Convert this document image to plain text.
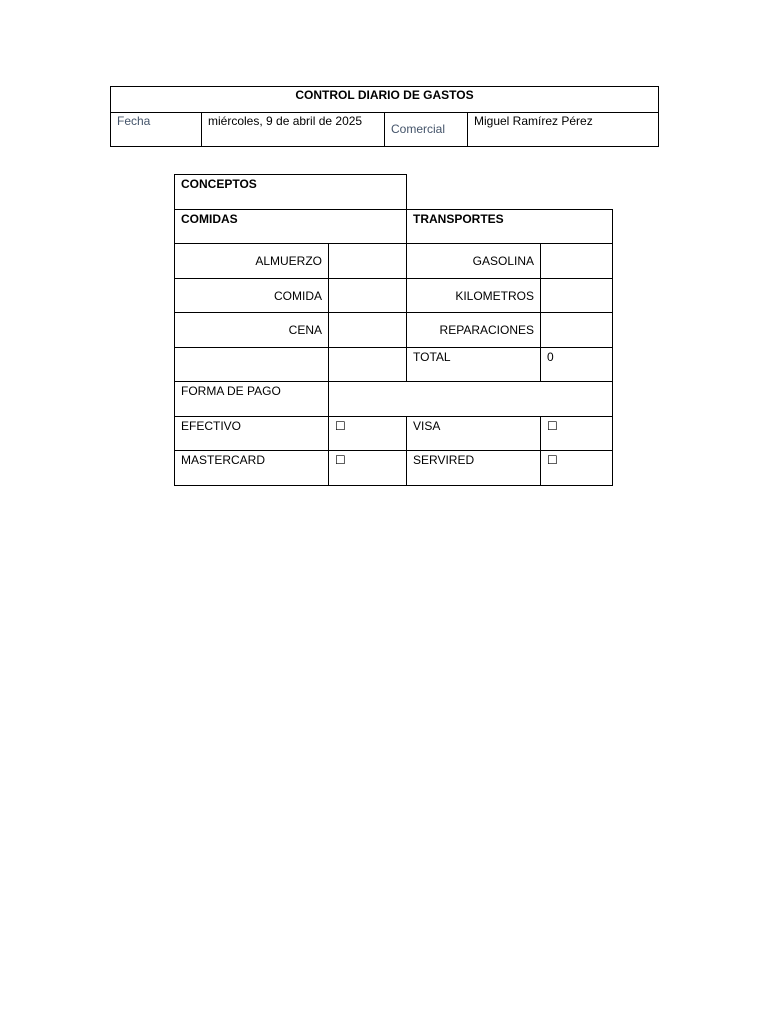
CONTROL DIARIO DE GASTOS
Fecha	miércoles, 9 de abril de 2025	Comercial	Miguel Ramírez Pérez
CONCEPTOS			
COMIDAS		TRANSPORTES	
ALMUERZO		GASOLINA	
COMIDA		KILOMETROS	
CENA		REPARACIONES	
		TOTAL	0
FORMA DE PAGO			
EFECTIVO	☐	VISA	☐
MASTERCARD	☐	SERVIRED	☐
